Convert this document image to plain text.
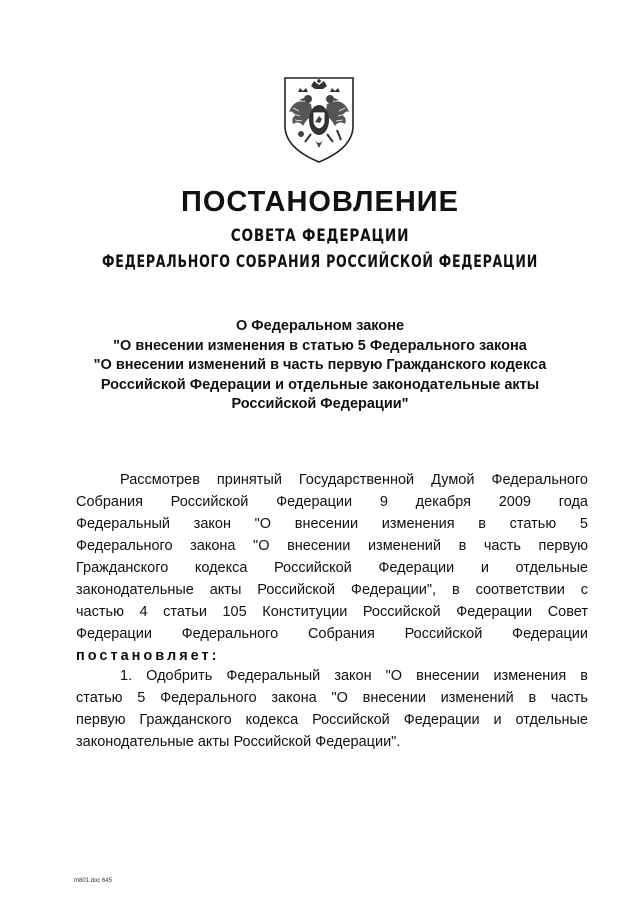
ПОСТАНОВЛЕНИЕ
СОВЕТА ФЕДЕРАЦИИ
ФЕДЕРАЛЬНОГО СОБРАНИЯ РОССИЙСКОЙ ФЕДЕРАЦИИ
О Федеральном законе
"О внесении изменения в статью 5 Федерального закона
"О внесении изменений в часть первую Гражданского кодекса
Российской Федерации и отдельные законодательные акты
Российской Федерации"
Рассмотрев принятый Государственной Думой Федерального
Собрания Российской Федерации 9 декабря 2009 года
Федеральный закон "О внесении изменения в статью 5
Федерального закона "О внесении изменений в часть первую
Гражданского кодекса Российской Федерации и отдельные
законодательные акты Российской Федерации", в соответствии с
частью 4 статьи 105 Конституции Российской Федерации Совет
Федерации Федерального Собрания Российской Федерации
постановляет:
1. Одобрить Федеральный закон "О внесении изменения в
статью 5 Федерального закона "О внесении изменений в часть
первую Гражданского кодекса Российской Федерации и отдельные
законодательные акты Российской Федерации".
m801.doc 645
